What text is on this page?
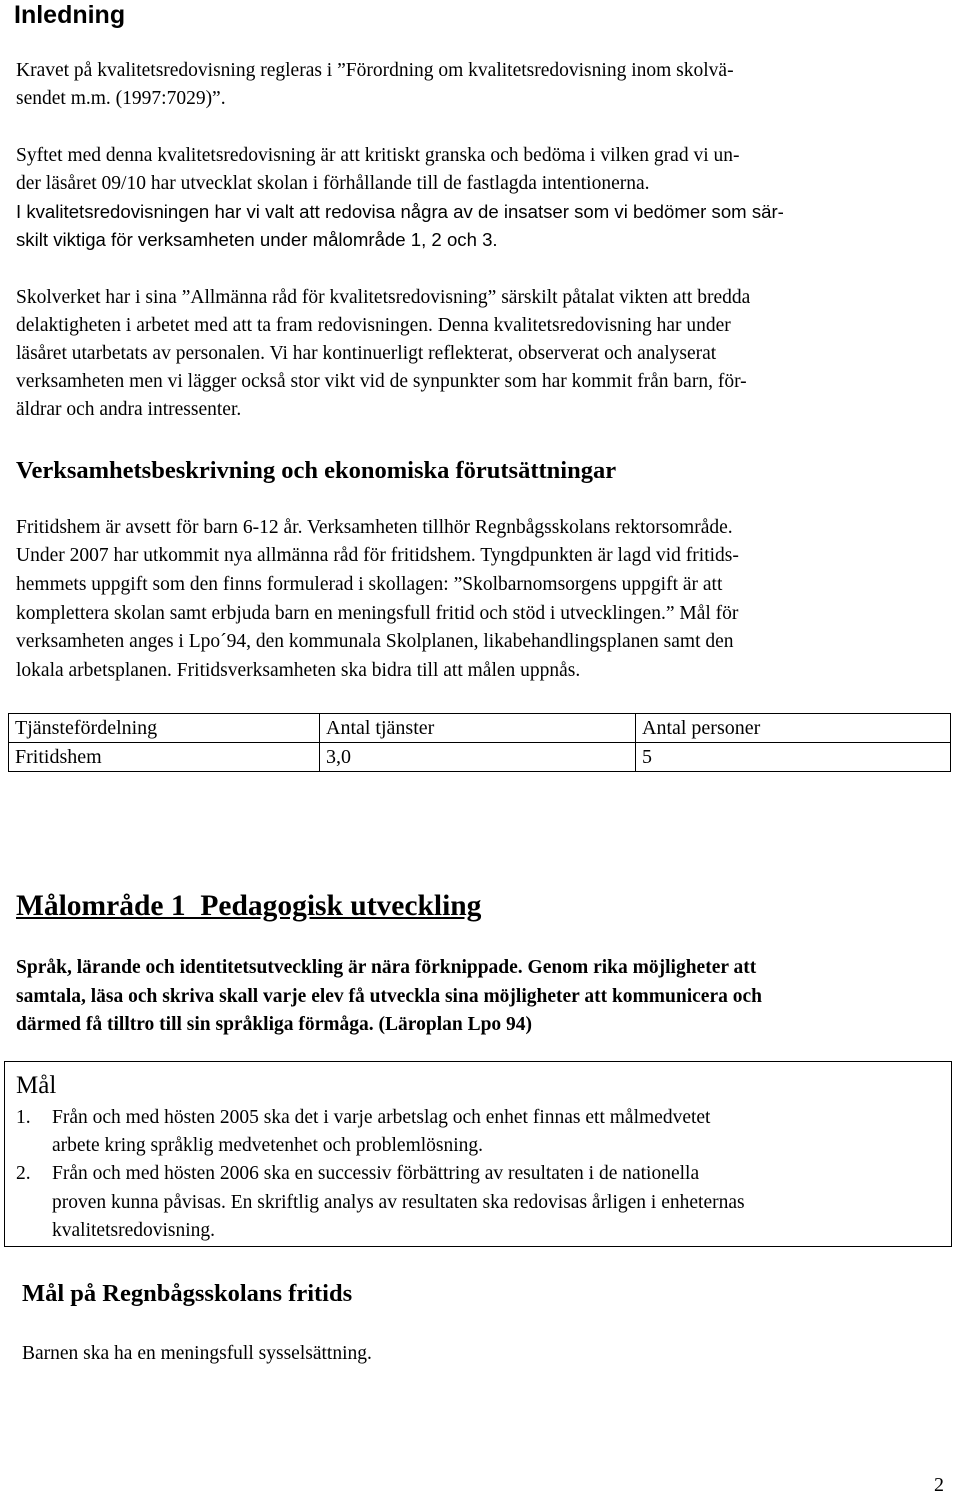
Inledning
Kravet på kvalitetsredovisning regleras i ”Förordning om kvalitetsredovisning inom skolvä-
sendet m.m. (1997:7029)”.
Syftet med denna kvalitetsredovisning är att kritiskt granska och bedöma i vilken grad vi un-
der läsåret 09/10 har utvecklat skolan i förhållande till de fastlagda intentionerna.
I kvalitetsredovisningen har vi valt att redovisa några av de insatser som vi bedömer som sär-
skilt viktiga för verksamheten under målområde 1, 2 och 3.
Skolverket har i sina ”Allmänna råd för kvalitetsredovisning” särskilt påtalat vikten att bredda
delaktigheten i arbetet med att ta fram redovisningen. Denna kvalitetsredovisning har under
läsåret utarbetats av personalen. Vi har kontinuerligt reflekterat, observerat och analyserat
verksamheten men vi lägger också stor vikt vid de synpunkter som har kommit från barn, för-
äldrar och andra intressenter.
Verksamhetsbeskrivning och ekonomiska förutsättningar
Fritidshem är avsett för barn 6-12 år. Verksamheten tillhör Regnbågsskolans rektorsområde.
Under 2007 har utkommit nya allmänna råd för fritidshem. Tyngdpunkten är lagd vid fritids-
hemmets uppgift som den finns formulerad i skollagen: ”Skolbarnomsorgens uppgift är att
komplettera skolan samt erbjuda barn en meningsfull fritid och stöd i utvecklingen.” Mål för
verksamheten anges i Lpo´94, den kommunala Skolplanen, likabehandlingsplanen samt den
lokala arbetsplanen. Fritidsverksamheten ska bidra till att målen uppnås.
Tjänstefördelning	Antal tjänster	Antal personer
Fritidshem	3,0	5
Målområde 1  Pedagogisk utveckling
Språk, lärande och identitetsutveckling är nära förknippade. Genom rika möjligheter att
samtala, läsa och skriva skall varje elev få utveckla sina möjligheter att kommunicera och
därmed få tilltro till sin språkliga förmåga. (Läroplan Lpo 94)
Mål
1. Från och med hösten 2005 ska det i varje arbetslag och enhet finnas ett målmedvetet
arbete kring språklig medvetenhet och problemlösning.
2. Från och med hösten 2006 ska en successiv förbättring av resultaten i de nationella
proven kunna påvisas. En skriftlig analys av resultaten ska redovisas årligen i enheternas
kvalitetsredovisning.
Mål på Regnbågsskolans fritids
Barnen ska ha en meningsfull sysselsättning.
2
